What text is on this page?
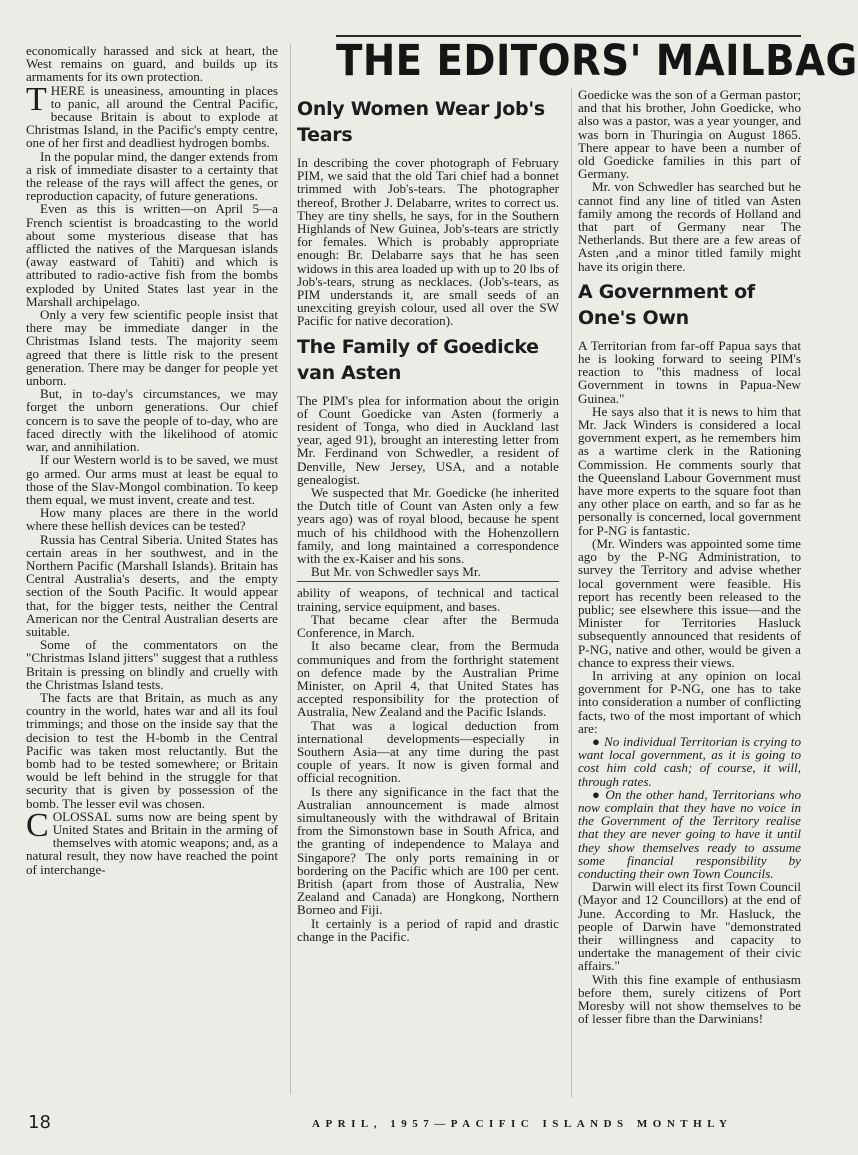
THE EDITORS' MAILBAG

economically harassed and sick at heart, the West remains on guard, and builds up its armaments for its own protection.

THERE is uneasiness, amounting in places to panic, all around the Central Pacific, because Britain is about to explode at Christmas Island, in the Pacific's empty centre, one of her first and deadliest hydrogen bombs.

In the popular mind, the danger extends from a risk of immediate disaster to a certainty that the release of the rays will affect the genes, or reproduction capacity, of future generations.

Even as this is written—on April 5—a French scientist is broadcasting to the world about some mysterious disease that has afflicted the natives of the Marquesan islands (away eastward of Tahiti) and which is attributed to radio-active fish from the bombs exploded by United States last year in the Marshall archipelago.

Only a very few scientific people insist that there may be immediate danger in the Christmas Island tests. The majority seem agreed that there is little risk to the present generation. There may be danger for people yet unborn.

But, in to-day's circumstances, we may forget the unborn generations. Our chief concern is to save the people of to-day, who are faced directly with the likelihood of atomic war, and annihilation.

If our Western world is to be saved, we must go armed. Our arms must at least be equal to those of the Slav-Mongol combination. To keep them equal, we must invent, create and test.

How many places are there in the world where these hellish devices can be tested?

Russia has Central Siberia. United States has certain areas in her southwest, and in the Northern Pacific (Marshall Islands). Britain has Central Australia's deserts, and the empty section of the South Pacific. It would appear that, for the bigger tests, neither the Central American nor the Central Australian deserts are suitable.

Some of the commentators on the "Christmas Island jitters" suggest that a ruthless Britain is pressing on blindly and cruelly with the Christmas Island tests.

The facts are that Britain, as much as any country in the world, hates war and all its foul trimmings; and those on the inside say that the decision to test the H-bomb in the Central Pacific was taken most reluctantly. But the bomb had to be tested somewhere; or Britain would be left behind in the struggle for that security that is given by possession of the bomb. The lesser evil was chosen.

COLOSSAL sums now are being spent by United States and Britain in the arming of themselves with atomic weapons; and, as a natural result, they now have reached the point of interchange-

Only Women Wear Job's Tears

In describing the cover photograph of February PIM, we said that the old Tari chief had a bonnet trimmed with Job's-tears. The photographer thereof, Brother J. Delabarre, writes to correct us. They are tiny shells, he says, for in the Southern Highlands of New Guinea, Job's-tears are strictly for females. Which is probably appropriate enough: Br. Delabarre says that he has seen widows in this area loaded up with up to 20 lbs of Job's-tears, strung as necklaces. (Job's-tears, as PIM understands it, are small seeds of an unexciting greyish colour, used all over the SW Pacific for native decoration).

The Family of Goedicke van Asten

The PIM's plea for information about the origin of Count Goedicke van Asten (formerly a resident of Tonga, who died in Auckland last year, aged 91), brought an interesting letter from Mr. Ferdinand von Schwedler, a resident of Denville, New Jersey, USA, and a notable genealogist.

We suspected that Mr. Goedicke (he inherited the Dutch title of Count van Asten only a few years ago) was of royal blood, because he spent much of his childhood with the Hohenzollern family, and long maintained a correspondence with the ex-Kaiser and his sons.

But Mr. von Schwedler says Mr.

ability of weapons, of technical and tactical training, service equipment, and bases.

That became clear after the Bermuda Conference, in March.

It also became clear, from the Bermuda communiques and from the forthright statement on defence made by the Australian Prime Minister, on April 4, that United States has accepted responsibility for the protection of Australia, New Zealand and the Pacific Islands.

That was a logical deduction from international developments—especially in Southern Asia—at any time during the past couple of years. It now is given formal and official recognition.

Is there any significance in the fact that the Australian announcement is made almost simultaneously with the withdrawal of Britain from the Simonstown base in South Africa, and the granting of independence to Malaya and Singapore? The only ports remaining in or bordering on the Pacific which are 100 per cent. British (apart from those of Australia, New Zealand and Canada) are Hongkong, Northern Borneo and Fiji.

It certainly is a period of rapid and drastic change in the Pacific.

Goedicke was the son of a German pastor; and that his brother, John Goedicke, who also was a pastor, was a year younger, and was born in Thuringia on August 1865. There appear to have been a number of old Goedicke families in this part of Germany.

Mr. von Schwedler has searched but he cannot find any line of titled van Asten family among the records of Holland and that part of Germany near The Netherlands. But there are a few areas of Asten ,and a minor titled family might have its origin there.

A Government of One's Own

A Territorian from far-off Papua says that he is looking forward to seeing PIM's reaction to "this madness of local Government in towns in Papua-New Guinea."

He says also that it is news to him that Mr. Jack Winders is considered a local government expert, as he remembers him as a wartime clerk in the Rationing Commission. He comments sourly that the Queensland Labour Government must have more experts to the square foot than any other place on earth, and so far as he personally is concerned, local government for P-NG is fantastic.

(Mr. Winders was appointed some time ago by the P-NG Administration, to survey the Territory and advise whether local government were feasible. His report has recently been released to the public; see elsewhere this issue—and the Minister for Territories Hasluck subsequently announced that residents of P-NG, native and other, would be given a chance to express their views.

In arriving at any opinion on local government for P-NG, one has to take into consideration a number of conflicting facts, two of the most important of which are:

● No individual Territorian is crying to want local government, as it is going to cost him cold cash; of course, it will, through rates.

● On the other hand, Territorians who now complain that they have no voice in the Government of the Territory realise that they are never going to have it until they show themselves ready to assume some financial responsibility by conducting their own Town Councils.

Darwin will elect its first Town Council (Mayor and 12 Councillors) at the end of June. According to Mr. Hasluck, the people of Darwin have "demonstrated their willingness and capacity to undertake the management of their civic affairs."

With this fine example of enthusiasm before them, surely citizens of Port Moresby will not show themselves to be of lesser fibre than the Darwinians!

18	APRIL, 1957—PACIFIC ISLANDS MONTHLY
